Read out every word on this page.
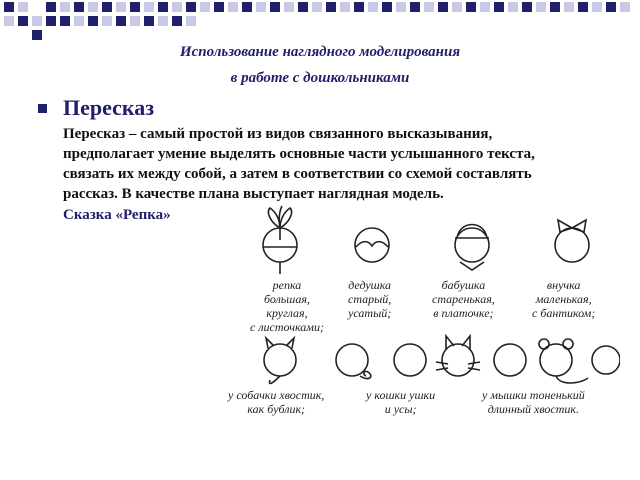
Использование наглядного моделирования
в работе с дошкольниками
Пересказ
Пересказ – самый простой из видов связанного высказывания,
предполагает умение выделять основные части услышанного текста,
связать их между собой, а затем в соответствии со схемой составлять
рассказ. В качестве плана выступает наглядная модель.
Сказка «Репка»
репка
большая,
круглая,
с листочками;
дедушка
старый,
усатый;
бабушка
старенькая,
в платочке;
внучка
маленькая,
с бантиком;
у собачки хвостик,
как бублик;
у кошки ушки
и усы;
у мышки тоненький
длинный хвостик.
